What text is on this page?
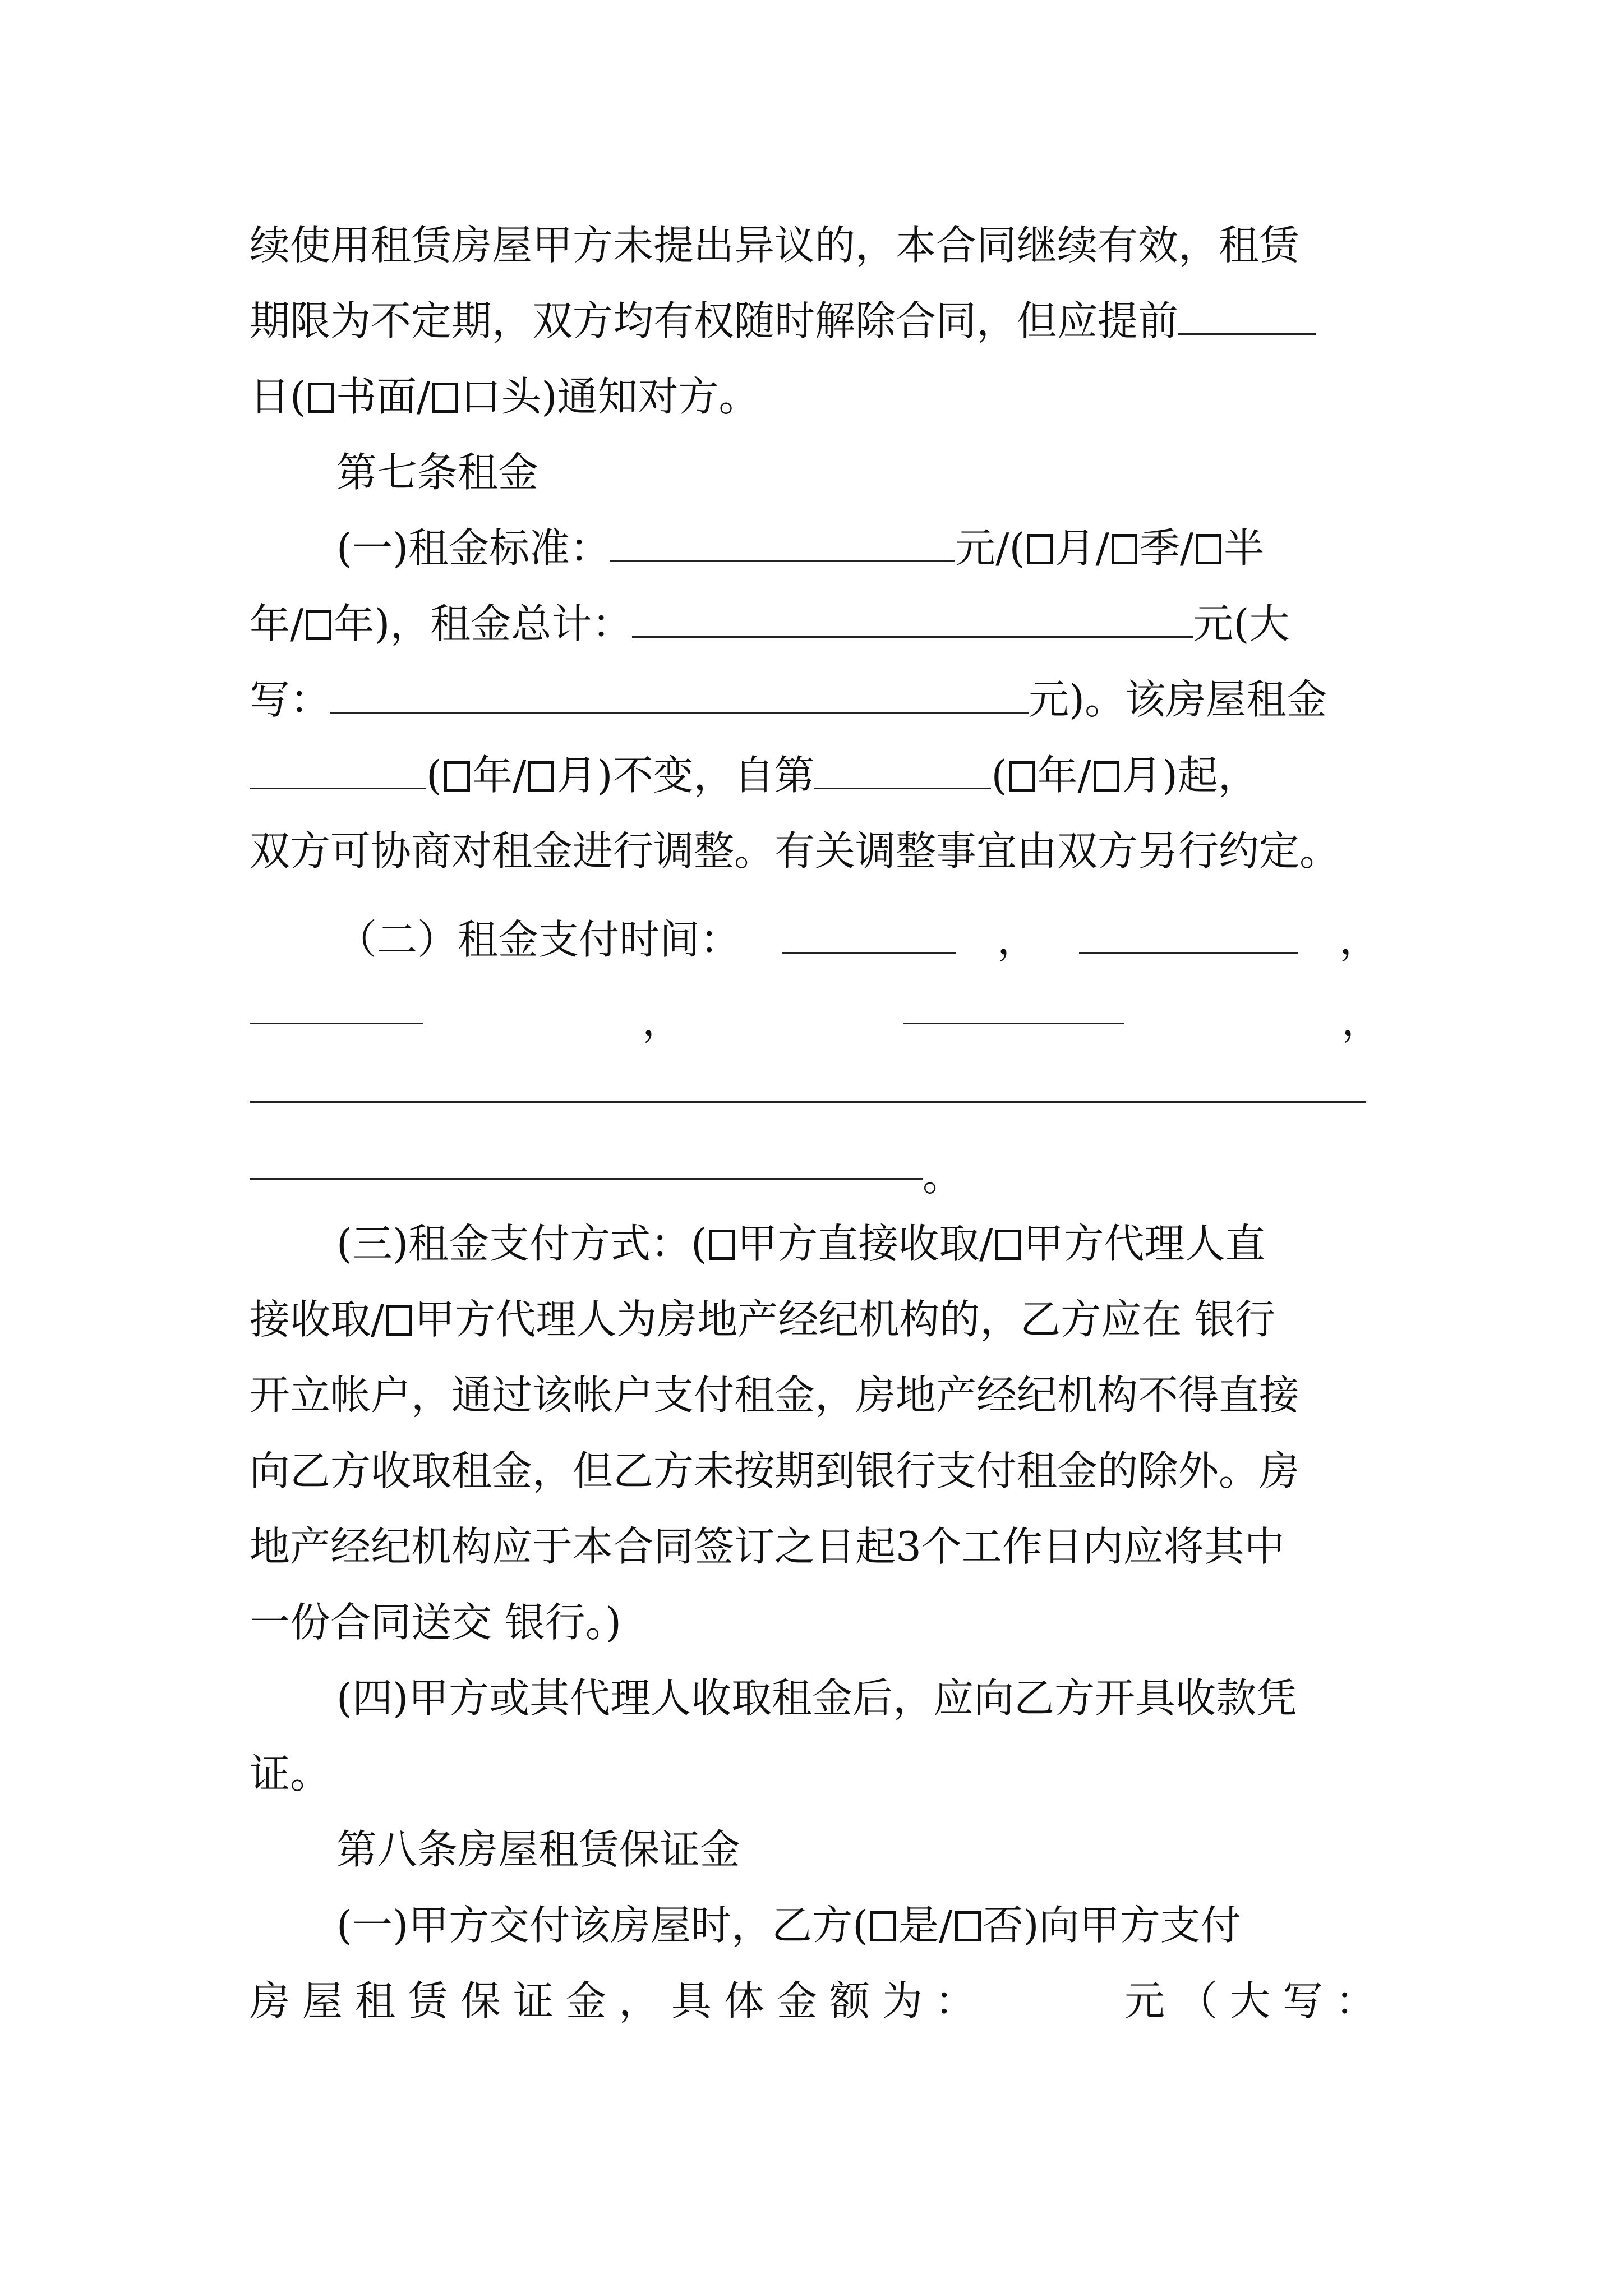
续使用租赁房屋甲方未提出异议的，本合同继续有效，租赁
期限为不定期，双方均有权随时解除合同，但应提前
日( 书面/ 口头)通知对方。
第七条租金
(一)租金标准：	元/( 月/ 季/ 半
年/ 年)，租金总计：	元(大
写：	元)。该房屋租金
( 年/ 月)不变，自第	( 年/ 月)起，
双方可协商对租金进行调整。有关调整事宜由双方另行约定。
（二）租金支付时间：	，	，
，	，
。
(三)租金支付方式：( 甲方直接收取/ 甲方代理人直
接收取/ 甲方代理人为房地产经纪机构的，乙方应在 银行
开立帐户，通过该帐户支付租金，房地产经纪机构不得直接
向乙方收取租金，但乙方未按期到银行支付租金的除外。房
地产经纪机构应于本合同签订之日起3个工作日内应将其中
一份合同送交 银行。)
(四)甲方或其代理人收取租金后，应向乙方开具收款凭
证。
第八条房屋租赁保证金
(一)甲方交付该房屋时，乙方( 是/ 否)向甲方支付
房屋租赁保证金，具体金额为：	元（大写：
